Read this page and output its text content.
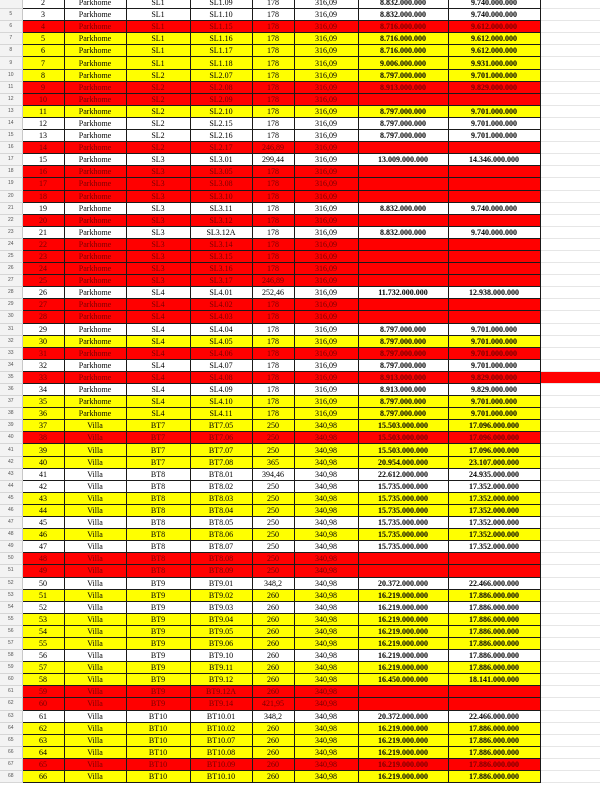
	2	Parkhome	SL1	SL1.09	178	316,09	8.832.000.000	9.740.000.000	
5	3	Parkhome	SL1	SL1.10	178	316,09	8.832.000.000	9.740.000.000	
6	4	Parkhome	SL1	SL1.15	178	316,09	8.716.000.000	9.612.000.000	
7	5	Parkhome	SL1	SL1.16	178	316,09	8.716.000.000	9.612.000.000	
8	6	Parkhome	SL1	SL1.17	178	316,09	8.716.000.000	9.612.000.000	
9	7	Parkhome	SL1	SL1.18	178	316,09	9.006.000.000	9.931.000.000	
10	8	Parkhome	SL2	SL2.07	178	316,09	8.797.000.000	9.701.000.000	
11	9	Parkhome	SL2	SL2.08	178	316,09	8.913.000.000	9.829.000.000	
12	10	Parkhome	SL2	SL2.09	178	316,09			
13	11	Parkhome	SL2	SL2.10	178	316,09	8.797.000.000	9.701.000.000	
14	12	Parkhome	SL2	SL2.15	178	316,09	8.797.000.000	9.701.000.000	
15	13	Parkhome	SL2	SL2.16	178	316,09	8.797.000.000	9.701.000.000	
16	14	Parkhome	SL2	SL2.17	246,89	316,09			
17	15	Parkhome	SL3	SL3.01	299,44	316,09	13.009.000.000	14.346.000.000	
18	16	Parkhome	SL3	SL3.05	178	316,09			
19	17	Parkhome	SL3	SL3.08	178	316,09			
20	18	Parkhome	SL3	SL3.10	178	316,09			
21	19	Parkhome	SL3	SL3.11	178	316,09	8.832.000.000	9.740.000.000	
22	20	Parkhome	SL3	SL3.12	178	316,09			
23	21	Parkhome	SL3	SL3.12A	178	316,09	8.832.000.000	9.740.000.000	
24	22	Parkhome	SL3	SL3.14	178	316,09			
25	23	Parkhome	SL3	SL3.15	178	316,09			
26	24	Parkhome	SL3	SL3.16	178	316,09			
27	25	Parkhome	SL3	SL3.17	246,89	316,09			
28	26	Parkhome	SL4	SL4.01	252,46	316,09	11.732.000.000	12.938.000.000	
29	27	Parkhome	SL4	SL4.02	178	316,09			
30	28	Parkhome	SL4	SL4.03	178	316,09			
31	29	Parkhome	SL4	SL4.04	178	316,09	8.797.000.000	9.701.000.000	
32	30	Parkhome	SL4	SL4.05	178	316,09	8.797.000.000	9.701.000.000	
33	31	Parkhome	SL4	SL4.06	178	316,09	8.797.000.000	9.701.000.000	
34	32	Parkhome	SL4	SL4.07	178	316,09	8.797.000.000	9.701.000.000	
35	33	Parkhome	SL4	SL4.08	178	316,09	8.913.000.000	9.829.000.000	
36	34	Parkhome	SL4	SL4.09	178	316,09	8.913.000.000	9.829.000.000	
37	35	Parkhome	SL4	SL4.10	178	316,09	8.797.000.000	9.701.000.000	
38	36	Parkhome	SL4	SL4.11	178	316,09	8.797.000.000	9.701.000.000	
39	37	Villa	BT7	BT7.05	250	340,98	15.503.000.000	17.096.000.000	
40	38	Villa	BT7	BT7.06	250	340,98	15.503.000.000	17.096.000.000	
41	39	Villa	BT7	BT7.07	250	340,98	15.503.000.000	17.096.000.000	
42	40	Villa	BT7	BT7.08	365	340,98	20.954.000.000	23.107.000.000	
43	41	Villa	BT8	BT8.01	394,46	340,98	22.612.000.000	24.935.000.000	
44	42	Villa	BT8	BT8.02	250	340,98	15.735.000.000	17.352.000.000	
45	43	Villa	BT8	BT8.03	250	340,98	15.735.000.000	17.352.000.000	
46	44	Villa	BT8	BT8.04	250	340,98	15.735.000.000	17.352.000.000	
47	45	Villa	BT8	BT8.05	250	340,98	15.735.000.000	17.352.000.000	
48	46	Villa	BT8	BT8.06	250	340,98	15.735.000.000	17.352.000.000	
49	47	Villa	BT8	BT8.07	250	340,98	15.735.000.000	17.352.000.000	
50	48	Villa	BT8	BT8.08	250	340,98			
51	49	Villa	BT8	BT8.09	250	340,98			
52	50	Villa	BT9	BT9.01	348,2	340,98	20.372.000.000	22.466.000.000	
53	51	Villa	BT9	BT9.02	260	340,98	16.219.000.000	17.886.000.000	
54	52	Villa	BT9	BT9.03	260	340,98	16.219.000.000	17.886.000.000	
55	53	Villa	BT9	BT9.04	260	340,98	16.219.000.000	17.886.000.000	
56	54	Villa	BT9	BT9.05	260	340,98	16.219.000.000	17.886.000.000	
57	55	Villa	BT9	BT9.06	260	340,98	16.219.000.000	17.886.000.000	
58	56	Villa	BT9	BT9.10	260	340,98	16.219.000.000	17.886.000.000	
59	57	Villa	BT9	BT9.11	260	340,98	16.219.000.000	17.886.000.000	
60	58	Villa	BT9	BT9.12	260	340,98	16.450.000.000	18.141.000.000	
61	59	Villa	BT9	BT9.12A	260	340,98			
62	60	Villa	BT9	BT9.14	421,95	340,98			
63	61	Villa	BT10	BT10.01	348,2	340,98	20.372.000.000	22.466.000.000	
64	62	Villa	BT10	BT10.02	260	340,98	16.219.000.000	17.886.000.000	
65	63	Villa	BT10	BT10.07	260	340,98	16.219.000.000	17.886.000.000	
66	64	Villa	BT10	BT10.08	260	340,98	16.219.000.000	17.886.000.000	
67	65	Villa	BT10	BT10.09	260	340,98	16.219.000.000	17.886.000.000	
68	66	Villa	BT10	BT10.10	260	340,98	16.219.000.000	17.886.000.000	
